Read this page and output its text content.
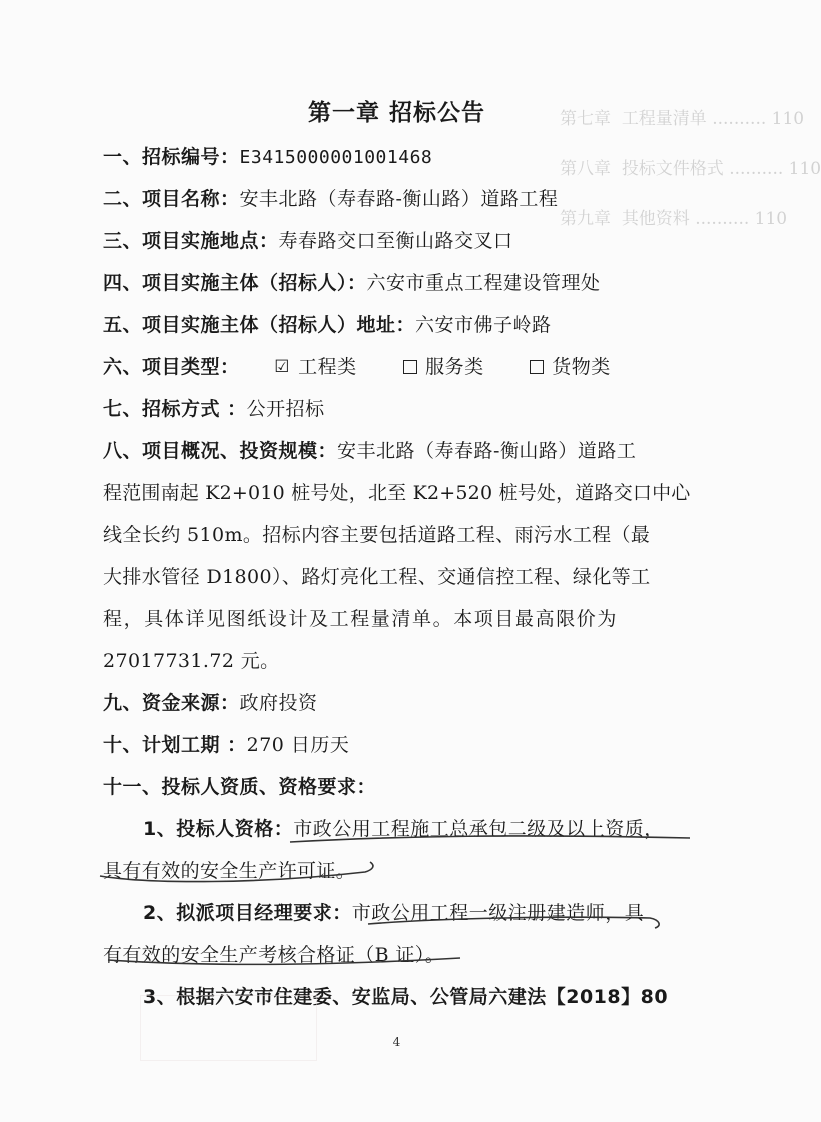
第七章 工程量清单 .......... 110
第八章 投标文件格式 .......... 110
第九章 其他资料 .......... 110
第一章 招标公告
一、招标编号：E3415000001001468
二、项目名称：安丰北路（寿春路-衡山路）道路工程
三、项目实施地点：寿春路交口至衡山路交叉口
四、项目实施主体（招标人）：六安市重点工程建设管理处
五、项目实施主体（招标人）地址：六安市佛子岭路
六、项目类型： ☑ 工程类	服务类	货物类
七、招标方式 ：公开招标
八、项目概况、投资规模：安丰北路（寿春路-衡山路）道路工
程范围南起 K2+010 桩号处，北至 K2+520 桩号处，道路交口中心
线全长约 510m。招标内容主要包括道路工程、雨污水工程（最
大排水管径 D1800）、路灯亮化工程、交通信控工程、绿化等工
程，具体详见图纸设计及工程量清单。本项目最高限价为
27017731.72 元。
九、资金来源：政府投资
十、计划工期 ：270 日历天
十一、投标人资质、资格要求：
1、投标人资格：市政公用工程施工总承包二级及以上资质，
具有有效的安全生产许可证。
2、拟派项目经理要求：市政公用工程一级注册建造师，具
有有效的安全生产考核合格证（B 证）。
3、根据六安市住建委、安监局、公管局六建法【2018】80
4
